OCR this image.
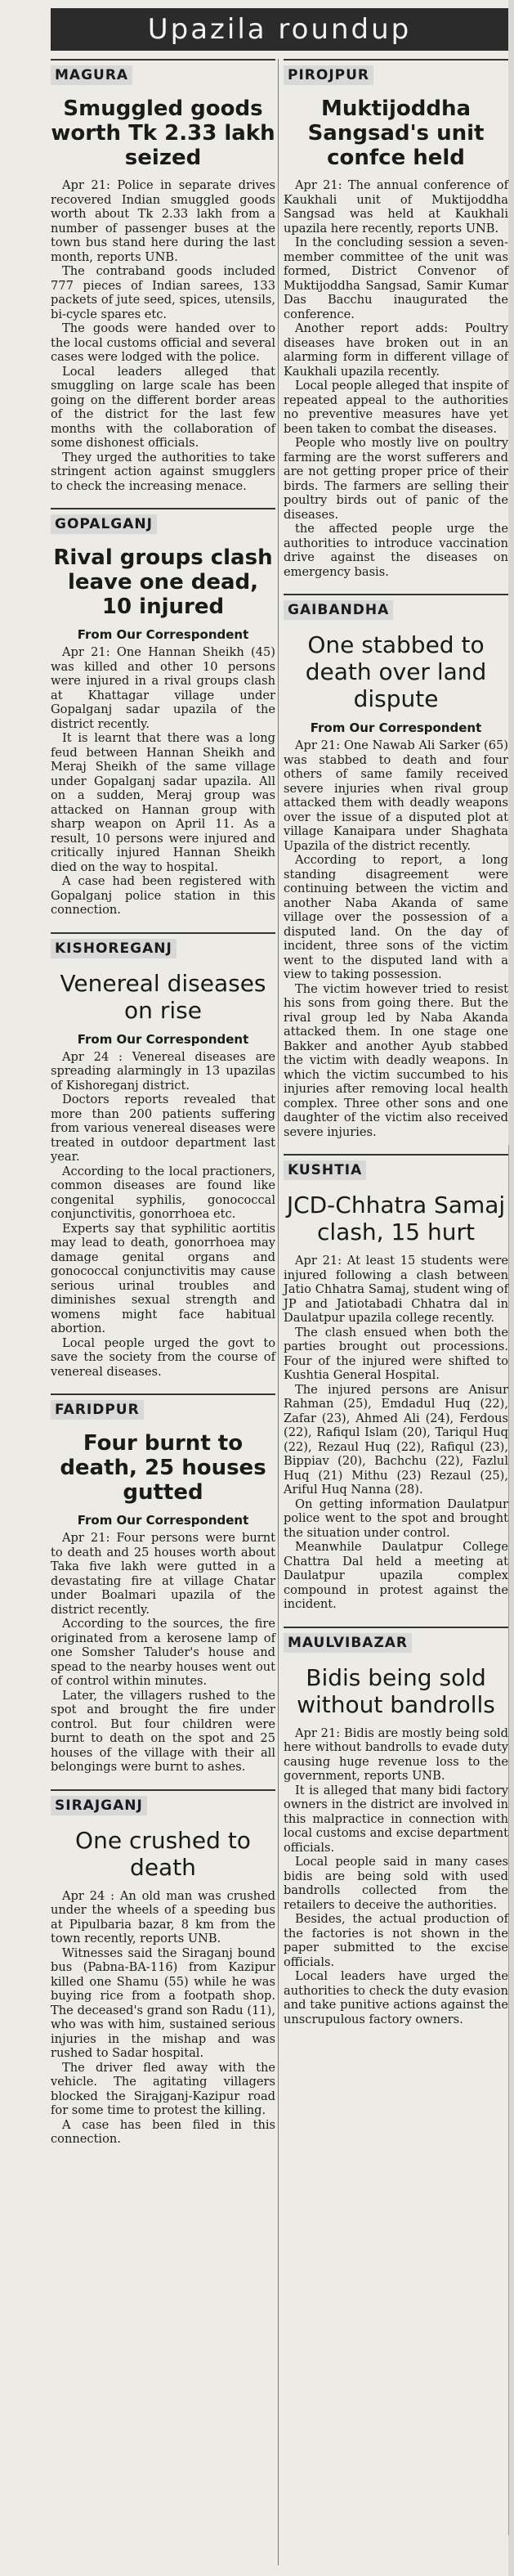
Upazila roundup
MAGURA
Smuggled goods worth Tk 2.33 lakh seized

Apr 21: Police in separate drives recovered Indian smuggled goods worth about Tk 2.33 lakh from a number of passenger buses at the town bus stand here during the last month, reports UNB.

The contraband goods included 777 pieces of Indian sarees, 133 packets of jute seed, spices, utensils, bi-cycle spares etc.

The goods were handed over to the local customs official and several cases were lodged with the police.

Local leaders alleged that smuggling on large scale has been going on the different border areas of the district for the last few months with the collaboration of some dishonest officials.

They urged the authorities to take stringent action against smugglers to check the increasing menace.

GOPALGANJ
Rival groups clash leave one dead, 10 injured
From Our Correspondent

Apr 21: One Hannan Sheikh (45) was killed and other 10 persons were injured in a rival groups clash at Khattagar village under Gopalganj sadar upazila of the district recently.

It is learnt that there was a long feud between Hannan Sheikh and Meraj Sheikh of the same village under Gopalganj sadar upazila. All on a sudden, Meraj group was attacked on Hannan group with sharp weapon on April 11. As a result, 10 persons were injured and critically injured Hannan Sheikh died on the way to hospital.

A case had been registered with Gopalganj police station in this connection.

KISHOREGANJ
Venereal diseases on rise
From Our Correspondent

Apr 24 : Venereal diseases are spreading alarmingly in 13 upazilas of Kishoreganj district.

Doctors reports revealed that more than 200 patients suffering from various venereal diseases were treated in outdoor department last year.

According to the local practioners, common diseases are found like congenital syphilis, gonococcal conjunctivitis, gonorrhoea etc.

Experts say that syphilitic aortitis may lead to death, gonorrhoea may damage genital organs and gonococcal conjunctivitis may cause serious urinal troubles and diminishes sexual strength and womens might face habitual abortion.

Local people urged the govt to save the society from the course of venereal diseases.

FARIDPUR
Four burnt to death, 25 houses gutted
From Our Correspondent

Apr 21: Four persons were burnt to death and 25 houses worth about Taka five lakh were gutted in a devastating fire at village Chatar under Boalmari upazila of the district recently.

According to the sources, the fire originated from a kerosene lamp of one Somsher Taluder's house and spead to the nearby houses went out of control within minutes.

Later, the villagers rushed to the spot and brought the fire under control. But four children were burnt to death on the spot and 25 houses of the village with their all belongings were burnt to ashes.

SIRAJGANJ
One crushed to death

Apr 24 : An old man was crushed under the wheels of a speeding bus at Pipulbaria bazar, 8 km from the town recently, reports UNB.

Witnesses said the Siraganj bound bus (Pabna-BA-116) from Kazipur killed one Shamu (55) while he was buying rice from a footpath shop. The deceased's grand son Radu (11), who was with him, sustained serious injuries in the mishap and was rushed to Sadar hospital.

The driver fled away with the vehicle. The agitating villagers blocked the Sirajganj-Kazipur road for some time to protest the killing.

A case has been filed in this connection.

PIROJPUR
Muktijoddha Sangsad's unit confce held

Apr 21: The annual conference of Kaukhali unit of Muktijoddha Sangsad was held at Kaukhali upazila here recently, reports UNB.

In the concluding session a seven-member committee of the unit was formed, District Convenor of Muktijoddha Sangsad, Samir Kumar Das Bacchu inaugurated the conference.

Another report adds: Poultry diseases have broken out in an alarming form in different village of Kaukhali upazila recently.

Local people alleged that inspite of repeated appeal to the authorities no preventive measures have yet been taken to combat the diseases.

People who mostly live on poultry farming are the worst sufferers and are not getting proper price of their birds. The farmers are selling their poultry birds out of panic of the diseases.

the affected people urge the authorities to introduce vaccination drive against the diseases on emergency basis.

GAIBANDHA
One stabbed to death over land dispute
From Our Correspondent

Apr 21: One Nawab Ali Sarker (65) was stabbed to death and four others of same family received severe injuries when rival group attacked them with deadly weapons over the issue of a disputed plot at village Kanaipara under Shaghata Upazila of the district recently.

According to report, a long standing disagreement were continuing between the victim and another Naba Akanda of same village over the possession of a disputed land. On the day of incident, three sons of the victim went to the disputed land with a view to taking possession.

The victim however tried to resist his sons from going there. But the rival group led by Naba Akanda attacked them. In one stage one Bakker and another Ayub stabbed the victim with deadly weapons. In which the victim succumbed to his injuries after removing local health complex. Three other sons and one daughter of the victim also received severe injuries.

KUSHTIA
JCD-Chhatra Samaj clash, 15 hurt

Apr 21: At least 15 students were injured following a clash between Jatio Chhatra Samaj, student wing of JP and Jatiotabadi Chhatra dal in Daulatpur upazila college recently.

The clash ensued when both the parties brought out processions. Four of the injured were shifted to Kushtia General Hospital.

The injured persons are Anisur Rahman (25), Emdadul Huq (22), Zafar (23), Ahmed Ali (24), Ferdous (22), Rafiqul Islam (20), Tariqul Huq (22), Rezaul Huq (22), Rafiqul (23), Bippiav (20), Bachchu (22), Fazlul Huq (21) Mithu (23) Rezaul (25), Ariful Huq Nanna (28).

On getting information Daulatpur police went to the spot and brought the situation under control.

Meanwhile Daulatpur College Chattra Dal held a meeting at Daulatpur upazila complex compound in protest against the incident.

MAULVIBAZAR
Bidis being sold without bandrolls

Apr 21: Bidis are mostly being sold here without bandrolls to evade duty causing huge revenue loss to the government, reports UNB.

It is alleged that many bidi factory owners in the district are involved in this malpractice in connection with local customs and excise department officials.

Local people said in many cases bidis are being sold with used bandrolls collected from the retailers to deceive the authorities.

Besides, the actual production of the factories is not shown in the paper submitted to the excise officials.

Local leaders have urged the authorities to check the duty evasion and take punitive actions against the unscrupulous factory owners.
